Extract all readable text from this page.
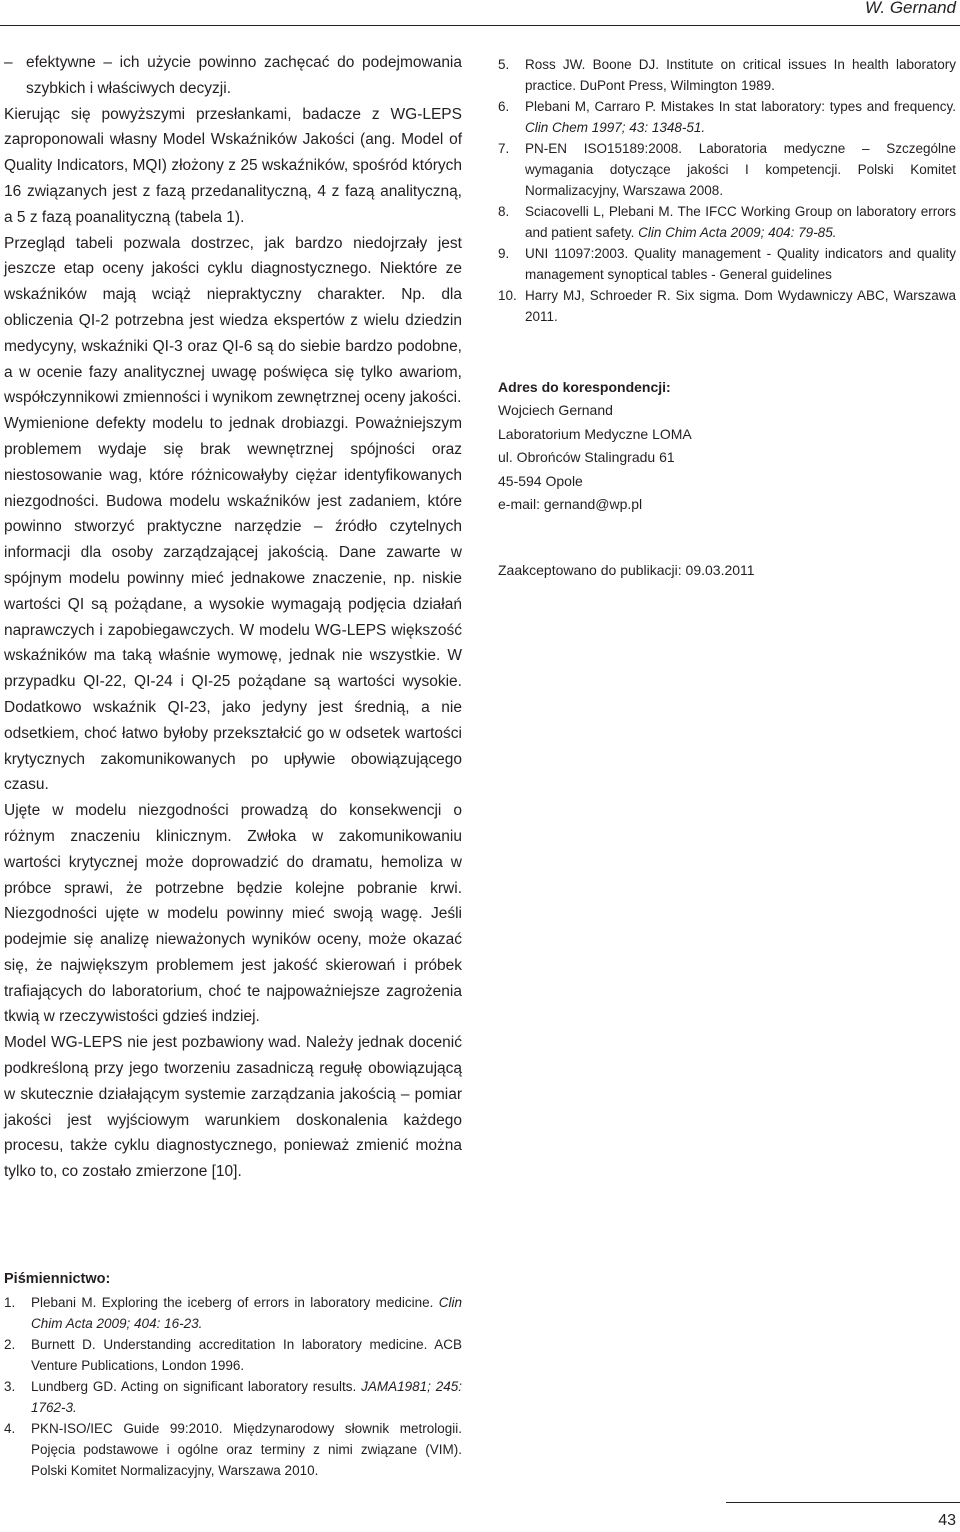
W. Gernand
– efektywne – ich użycie powinno zachęcać do podejmowania szybkich i właściwych decyzji.

Kierując się powyższymi przesłankami, badacze z WG-LEPS zaproponowali własny Model Wskaźników Jakości (ang. Model of Quality Indicators, MQI) złożony z 25 wskaźników, spośród których 16 związanych jest z fazą przedanalityczną, 4 z fazą analityczną, a 5 z fazą poanalityczną (tabela 1).

Przegląd tabeli pozwala dostrzec, jak bardzo niedojrzały jest jeszcze etap oceny jakości cyklu diagnostycznego. Niektóre ze wskaźników mają wciąż niepraktyczny charakter. Np. dla obliczenia QI-2 potrzebna jest wiedza ekspertów z wielu dziedzin medycyny, wskaźniki QI-3 oraz QI-6 są do siebie bardzo podobne, a w ocenie fazy analitycznej uwagę poświęca się tylko awariom, współczynnikowi zmienności i wynikom zewnętrznej oceny jakości.

Wymienione defekty modelu to jednak drobiazgi. Poważniejszym problemem wydaje się brak wewnętrznej spójności oraz niestosowanie wag, które różnicowałyby ciężar identyfikowanych niezgodności. Budowa modelu wskaźników jest zadaniem, które powinno stworzyć praktyczne narzędzie – źródło czytelnych informacji dla osoby zarządzającej jakością. Dane zawarte w spójnym modelu powinny mieć jednakowe znaczenie, np. niskie wartości QI są pożądane, a wysokie wymagają podjęcia działań naprawczych i zapobiegawczych. W modelu WG-LEPS większość wskaźników ma taką właśnie wymowę, jednak nie wszystkie. W przypadku QI-22, QI-24 i QI-25 pożądane są wartości wysokie. Dodatkowo wskaźnik QI-23, jako jedyny jest średnią, a nie odsetkiem, choć łatwo byłoby przekształcić go w odsetek wartości krytycznych zakomunikowanych po upływie obowiązującego czasu.

Ujęte w modelu niezgodności prowadzą do konsekwencji o różnym znaczeniu klinicznym. Zwłoka w zakomunikowaniu wartości krytycznej może doprowadzić do dramatu, hemoliza w próbce sprawi, że potrzebne będzie kolejne pobranie krwi. Niezgodności ujęte w modelu powinny mieć swoją wagę. Jeśli podejmie się analizę nieważonych wyników oceny, może okazać się, że największym problemem jest jakość skierowań i próbek trafiających do laboratorium, choć te najpoważniejsze zagrożenia tkwią w rzeczywistości gdzieś indziej.

Model WG-LEPS nie jest pozbawiony wad. Należy jednak docenić podkreśloną przy jego tworzeniu zasadniczą regułę obowiązującą w skutecznie działającym systemie zarządzania jakością – pomiar jakości jest wyjściowym warunkiem doskonalenia każdego procesu, także cyklu diagnostycznego, ponieważ zmienić można tylko to, co zostało zmierzone [10].

5.	Ross JW. Boone DJ. Institute on critical issues In health laboratory practice. DuPont Press, Wilmington 1989.
6.	Plebani M, Carraro P. Mistakes In stat laboratory: types and frequency. Clin Chem 1997; 43: 1348-51.
7.	PN-EN ISO15189:2008. Laboratoria medyczne – Szczególne wymagania dotyczące jakości I kompetencji. Polski Komitet Normalizacyjny, Warszawa 2008.
8.	Sciacovelli L, Plebani M. The IFCC Working Group on laboratory errors and patient safety. Clin Chim Acta 2009; 404: 79-85.
9.	UNI 11097:2003. Quality management - Quality indicators and quality management synoptical tables - General guidelines
10. Harry MJ, Schroeder R. Six sigma. Dom Wydawniczy ABC, Warszawa 2011.
Adres do korespondencji:
Wojciech Gernand
Laboratorium Medyczne LOMA
ul. Obrońców Stalingradu 61
45-594 Opole
e-mail: gernand@wp.pl
Zaakceptowano do publikacji: 09.03.2011
Piśmiennictwo:
1.	Plebani M. Exploring the iceberg of errors in laboratory medicine. Clin Chim Acta 2009; 404: 16-23.
2.	Burnett D. Understanding accreditation In laboratory medicine. ACB Venture Publications, London 1996.
3.	Lundberg GD. Acting on significant laboratory results. JAMA1981; 245: 1762-3.
4.	PKN-ISO/IEC Guide 99:2010. Międzynarodowy słownik metrologii. Pojęcia podstawowe i ogólne oraz terminy z nimi związane (VIM). Polski Komitet Normalizacyjny, Warszawa 2010.
43
